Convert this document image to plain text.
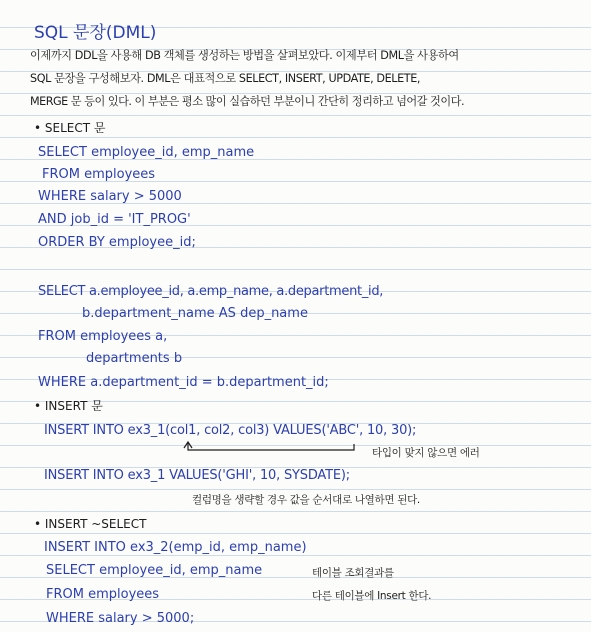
SQL 문장(DML)
이제까지 DDL을 사용해 DB 객체를 생성하는 방법을 살펴보았다. 이제부터 DML을 사용하여
SQL 문장을 구성해보자. DML은 대표적으로 SELECT, INSERT, UPDATE, DELETE,
MERGE 문 등이 있다. 이 부분은 평소 많이 실습하던 부분이니 간단히 정리하고 넘어갈 것이다.
• SELECT 문
SELECT employee_id, emp_name
FROM employees
WHERE salary > 5000
AND job_id = 'IT_PROG'
ORDER BY employee_id;
SELECT a.employee_id, a.emp_name, a.department_id,
b.department_name AS dep_name
FROM employees a,
departments b
WHERE a.department_id = b.department_id;
• INSERT 문
INSERT INTO ex3_1(col1, col2, col3) VALUES('ABC', 10, 30);
타입이 맞지 않으면 에러
INSERT INTO ex3_1 VALUES('GHI', 10, SYSDATE);
컬럼명을 생략할 경우 값을 순서대로 나열하면 된다.
• INSERT ~SELECT
INSERT INTO ex3_2(emp_id, emp_name)
SELECT employee_id, emp_name
FROM employees
WHERE salary > 5000;
테이블 조회결과를
다른 테이블에 Insert 한다.
